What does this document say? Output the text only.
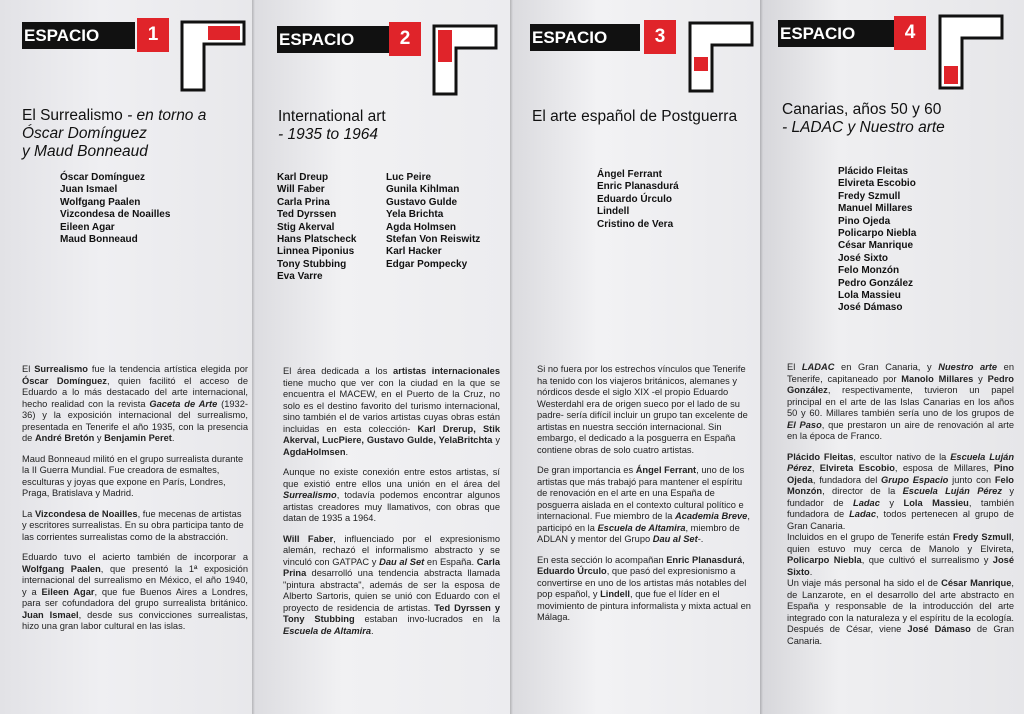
ESPACIO	1
El Surrealismo - en torno a
Óscar Domínguez
y Maud Bonneaud
Óscar Domínguez
Juan Ismael
Wolfgang Paalen
Vizcondesa de Noailles
Eileen Agar
Maud Bonneaud

El Surrealismo fue la tendencia artística elegida por Óscar Domínguez, quien facilitó el acceso de Eduardo a lo más destacado del arte internacional, hecho realidad con la revista Gaceta de Arte (1932-36) y la exposición internacional del surrealismo, presentada en Tenerife el año 1935, con la presencia de André Bretón y Benjamin Peret.

Maud Bonneaud militó en el grupo surrealista durante la II Guerra Mundial. Fue creadora de esmaltes, esculturas y joyas que expone en París, Londres, Praga, Bratislava y Madrid.

La Vizcondesa de Noailles, fue mecenas de artistas y escritores surrealistas. En su obra participa tanto de las corrientes surrealistas como de la abstracción.

Eduardo tuvo el acierto también de incorporar a Wolfgang Paalen, que presentó la 1ª exposición internacional del surrealismo en México, el año 1940, y a Eileen Agar, que fue Buenos Aires a Londres, para ser cofundadora del grupo surrealista británico. Juan Ismael, desde sus convicciones surrealistas, hizo una gran labor cultural en las islas.

ESPACIO	2
International art
- 1935 to 1964
Karl Dreup
Will Faber
Carla Prina
Ted Dyrssen
Stig Akerval
Hans Platscheck
Linnea Piponius
Tony Stubbing
Eva Varre
Luc Peire
Gunila Kihlman
Gustavo Gulde
Yela Brichta
Agda Holmsen
Stefan Von Reiswitz
Karl Hacker
Edgar Pompecky

El área dedicada a los artistas internacionales tiene mucho que ver con la ciudad en la que se encuentra el MACEW, en el Puerto de la Cruz, no solo es el destino favorito del turismo internacional, sino también el de varios artistas cuyas obras están incluidas en esta colección- Karl Drerup, Stik Akerval, LucPiere, Gustavo Gulde, YelaBritchta y AgdaHolmsen.

Aunque no existe conexión entre estos artistas, sí que existió entre ellos una unión en el área del Surrealismo, todavía podemos encontrar algunos artistas creadores muy llamativos, con obras que datan de 1935 a 1964.

Will Faber, influenciado por el expresionismo alemán, rechazó el informalismo abstracto y se vinculó con GATPAC y Dau al Set en España. Carla Prina desarrolló una tendencia abstracta llamada "pintura abstracta", además de ser la esposa de Alberto Sartoris, quien se unió con Eduardo con el proyecto de residencia de artistas. Ted Dyrssen y Tony Stubbing estaban invo-lucrados en la Escuela de Altamira.

ESPACIO	3
El arte español de Postguerra
Ángel Ferrant
Enric Planasdurá
Eduardo Úrculo
Lindell
Cristino de Vera

Si no fuera por los estrechos vínculos que Tenerife ha tenido con los viajeros británicos, alemanes y nórdicos desde el siglo XIX -el propio Eduardo Westerdahl era de origen sueco por el lado de su padre- sería difícil incluir un grupo tan excelente de artistas en nuestra sección internacional. Sin embargo, el dedicado a la posguerra en España contiene obras de solo cuatro artistas.

De gran importancia es Ángel Ferrant, uno de los artistas que más trabajó para mantener el espíritu de renovación en el arte en una España de posguerra aislada en el contexto cultural político e internacional. Fue miembro de la Academia Breve, participó en la Escuela de Altamira, miembro de ADLAN y mentor del Grupo Dau al Set-.

En esta sección lo acompañan Enric Planasdurá, Eduardo Úrculo, que pasó del expresionismo a convertirse en uno de los artistas más notables del pop español, y Lindell, que fue el líder en el movimiento de pintura informalista y mixta actual en Málaga.

ESPACIO	4
Canarias, años 50 y 60
- LADAC y Nuestro arte
Plácido Fleitas
Elvireta Escobio
Fredy Szmull
Manuel Millares
Pino Ojeda
Policarpo Niebla
César Manrique
José Sixto
Felo Monzón
Pedro González
Lola Massieu
José Dámaso

El LADAC en Gran Canaria, y Nuestro arte en Tenerife, capitaneado por Manolo Millares y Pedro González, respectivamente, tuvieron un papel principal en el arte de las Islas Canarias en los años 50 y 60. Millares también sería uno de los grupos de El Paso, que prestaron un aire de renovación al arte en la época de Franco.

Plácido Fleitas, escultor nativo de la Escuela Luján Pérez, Elvireta Escobio, esposa de Millares, Pino Ojeda, fundadora del Grupo Espacio junto con Felo Monzón, director de la Escuela Luján Pérez y fundador de Ladac y Lola Massieu, también fundadora de Ladac, todos pertenecen al grupo de Gran Canaria.

Incluidos en el grupo de Tenerife están Fredy Szmull, quien estuvo muy cerca de Manolo y Elvireta, Policarpo Niebla, que cultivó el surrealismo y José Sixto.

Un viaje más personal ha sido el de César Manrique, de Lanzarote, en el desarrollo del arte abstracto en España y responsable de la introducción del arte integrado con la naturaleza y el espíritu de la ecología. Después de César, viene José Dámaso de Gran Canaria.
